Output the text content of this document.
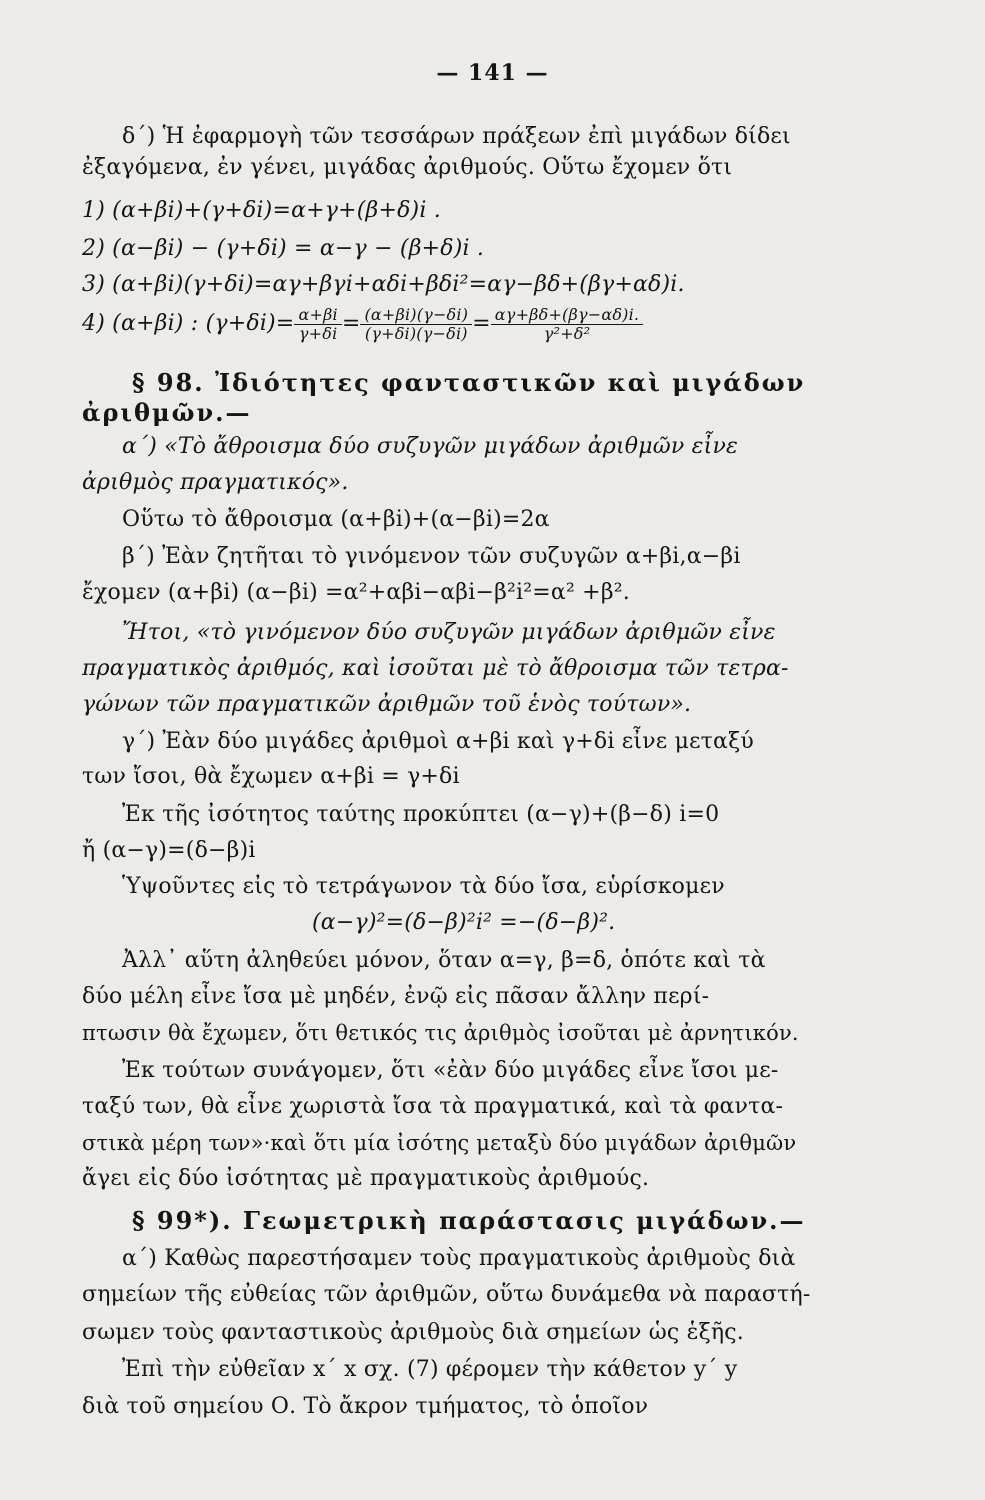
— 141 —
δ΄) Ἡ ἐφαρμογὴ τῶν τεσσάρων πράξεων ἐπὶ μιγάδων δίδει
ἐξαγόμενα, ἐν γένει, μιγάδας ἀριθμούς. Οὕτω ἔχομεν ὅτι
1) (α+βi)+(γ+δi)=α+γ+(β+δ)i .
2) (α−βi) − (γ+δi) = α−γ − (β+δ)i .
3) (α+βi)(γ+δi)=αγ+βγi+αδi+βδi²=αγ−βδ+(βγ+αδ)i.
4) (α+βi) : $(\gamma+\delta i)= \frac{\alpha+\beta i}{\gamma+\delta i} = \frac{(\alpha+\beta i)(\gamma-\delta i)}{(\gamma+\delta i)(\gamma-\delta i)} = \frac{\alpha\gamma+\beta\delta+(\beta\gamma-\alpha\delta)i.}{\text{γ²+δ²}}$
§ 98. Ἰδιότητες φανταστικῶν καὶ μιγάδων
ἀριθμῶν.—
α΄) «Τὸ ἄθροισμα δύο συζυγῶν μιγάδων ἀριθμῶν εἶνε
ἀριθμὸς πραγματικός».
Οὕτω τὸ ἄθροισμα (α+βi)+(α−βi)=2α
β΄) Ἐὰν ζητῆται τὸ γινόμενον τῶν συζυγῶν α+βi,α−βi
ἔχομεν (α+βi) (α−βi) =α²+αβi−αβi−β²i²=α² +β².
Ἤτοι, «τὸ γινόμενον δύο συζυγῶν μιγάδων ἀριθμῶν εἶνε
πραγματικὸς ἀριθμός, καὶ ἰσοῦται μὲ τὸ ἄθροισμα τῶν τετρα-
γώνων τῶν πραγματικῶν ἀριθμῶν τοῦ ἑνὸς τούτων».
γ΄) Ἐὰν δύο μιγάδες ἀριθμοὶ α+βi καὶ γ+δi εἶνε μεταξύ
των ἴσοι, θὰ ἔχωμεν α+βi = γ+δi
Ἐκ τῆς ἰσότητος ταύτης προκύπτει (α−γ)+(β−δ) i=0
ἤ (α−γ)=(δ−β)i
Ὑψοῦντες εἰς τὸ τετράγωνον τὰ δύο ἴσα, εὑρίσκομεν
(α−γ)²=(δ−β)²i² =−(δ−β)².
Ἀλλ᾿ αὕτη ἀληθεύει μόνον, ὅταν α=γ, β=δ, ὁπότε καὶ τὰ
δύο μέλη εἶνε ἴσα μὲ μηδέν, ἐνῷ εἰς πᾶσαν ἄλλην περί-
πτωσιν θὰ ἔχωμεν, ὅτι θετικός τις ἀριθμὸς ἰσοῦται μὲ ἀρνητικόν.
Ἐκ τούτων συνάγομεν, ὅτι «ἐὰν δύο μιγάδες εἶνε ἴσοι με-
ταξύ των, θὰ εἶνε χωριστὰ ἴσα τὰ πραγματικά, καὶ τὰ φαντα-
στικὰ μέρη των»·καὶ ὅτι μία ἰσότης μεταξὺ δύο μιγάδων ἀριθμῶν
ἄγει εἰς δύο ἰσότητας μὲ πραγματικοὺς ἀριθμούς.
§ 99*). Γεωμετρικὴ παράστασις μιγάδων.—
α΄) Καθὼς παρεστήσαμεν τοὺς πραγματικοὺς ἀριθμοὺς διὰ
σημείων τῆς εὐθείας τῶν ἀριθμῶν, οὕτω δυνάμεθα νὰ παραστή-
σωμεν τοὺς φανταστικοὺς ἀριθμοὺς διὰ σημείων ὡς ἑξῆς.
Ἐπὶ τὴν εὐθεῖαν x΄ x σχ. (7) φέρομεν τὴν κάθετον y΄ y
διὰ τοῦ σημείου Ο. Τὸ ἄκρον τμήματος, τὸ ὁποῖον
